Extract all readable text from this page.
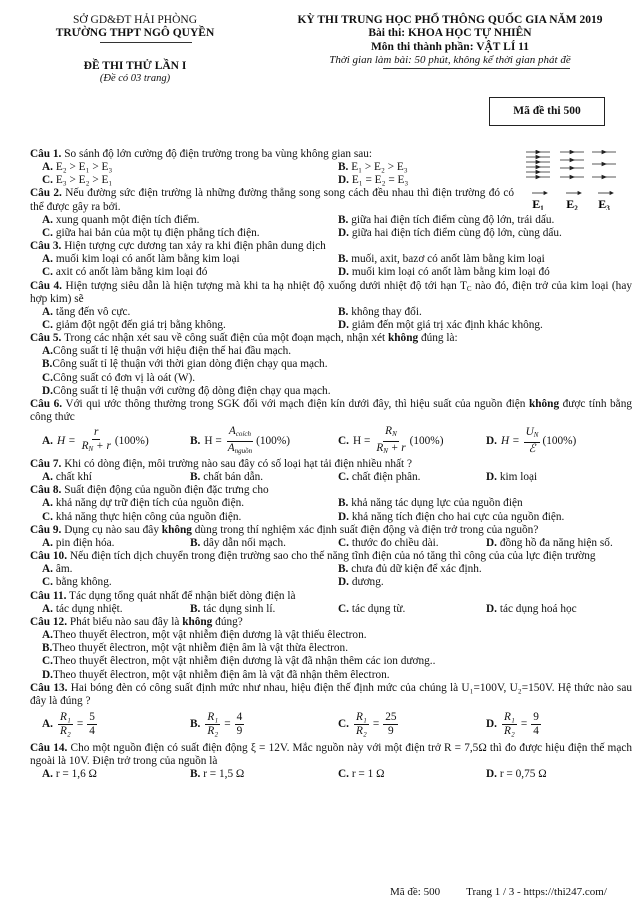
SỞ GD&ĐT HẢI PHÒNG
TRƯỜNG THPT NGÔ QUYỀN
ĐỀ THI THỬ LẦN I
(Đề có 03 trang)
KỲ THI TRUNG HỌC PHỔ THÔNG QUỐC GIA NĂM 2019
Bài thi: KHOA HỌC TỰ NHIÊN
Môn thi thành phần: VẬT LÍ 11
Thời gian làm bài: 50 phút, không kể thời gian phát đề
Mã đề thi 500
E₁ E₂ E₃
Câu 1. So sánh độ lớn cường độ điện trường trong ba vùng không gian sau:
A. E₂ > E₁ > E₃	B. E₁ > E₂ > E₃
C. E₃ > E₂ > E₁	D. E₁ = E₂ = E₃
Câu 2. Nếu đường sức điện trường là những đường thẳng song song cách đều nhau thì điện trường đó có thể được gây ra bởi.
A. xung quanh một điện tích điểm.	B. giữa hai điện tích điểm cùng độ lớn, trái dấu.
C. giữa hai bản của một tụ điện phẳng tích điện.	D. giữa hai điện tích điểm cùng độ lớn, cùng dấu.
Câu 3. Hiện tượng cực dương tan xảy ra khi điện phân dung dịch
A. muối kim loại có anốt làm bằng kim loại	B. muối, axit, bazơ có anốt làm bằng kim loại
C. axit có anốt làm bằng kim loại đó	D. muối kim loại có anốt làm bằng kim loại đó
Câu 4. Hiện tượng siêu dẫn là hiện tượng mà khi ta hạ nhiệt độ xuống dưới nhiệt độ tới hạn $T_C$ nào đó, điện trở của kim loại (hay hợp kim) sẽ
A. tăng đến vô cực.	B. không thay đổi.
C. giảm đột ngột đến giá trị bằng không.	D. giảm đến một giá trị xác định khác không.
Câu 5. Trong các nhận xét sau về công suất điện của một đoạn mạch, nhận xét không đúng là:
A. Công suất tỉ lệ thuận với hiệu điện thế hai đầu mạch.
B. Công suất tỉ lệ thuận với thời gian dòng điện chạy qua mạch.
C. Công suất có đơn vị là oát (W).
D. Công suất tỉ lệ thuận với cường độ dòng điện chạy qua mạch.
Câu 6. Với qui ước thông thường trong SGK đối với mạch điện kín dưới đây, thì hiệu suất của nguồn điện không được tính bằng công thức
A. $H = \frac{r}{R_N + r} (100\%)$	B. $H = \frac{A_{coích}}{A_{nguồn}} (100\%)$	C. $H = \frac{R_N}{R_N + r} (100\%)$	D. $H = \frac{U_N}{\text{ℰ}} (100\%)$
Câu 7. Khi có dòng điện, môi trường nào sau đây có số loại hạt tải điện nhiều nhất ?
A. chất khí	B. chất bán dẫn.	C. chất điện phân.	D. kim loại
Câu 8. Suất điện động của nguồn điện đặc trưng cho
A. khả năng dự trữ điện tích của nguồn điện.	B. khả năng tác dụng lực của nguồn điện
C. khả năng thực hiện công của nguồn điện.	D. khả năng tích điện cho hai cực của nguồn điện.
Câu 9. Dụng cụ nào sau đây không dùng trong thí nghiệm xác định suất điện động và điện trở trong của nguồn?
A. pin điện hóa.	B. dây dẫn nối mạch.	C. thước đo chiều dài.	D. đồng hồ đa năng hiện số.
Câu 10. Nếu điện tích dịch chuyển trong điện trường sao cho thế năng tĩnh điện của nó tăng thì công của của lực điện trường
A. âm.	B. chưa đủ dữ kiện để xác định.
C. bằng không.	D. dương.
Câu 11. Tác dụng tổng quát nhất để nhận biết dòng điện là
A. tác dụng nhiệt.	B. tác dụng sinh lí.	C. tác dụng từ.	D. tác dụng hoá học
Câu 12. Phát biểu nào sau đây là không đúng?
A. Theo thuyết êlectron, một vật nhiễm điện dương là vật thiếu êlectron.
B. Theo thuyết êlectron, một vật nhiễm điện âm là vật thừa êlectron.
C. Theo thuyết êlectron, một vật nhiễm điện dương là vật đã nhận thêm các ion dương..
D. Theo thuyết êlectron, một vật nhiễm điện âm là vật đã nhận thêm êlectron.
Câu 13. Hai bóng đèn có công suất định mức như nhau, hiệu điện thế định mức của chúng là U₁=100V, U₂=150V. Hệ thức nào sau đây là đúng ?
A. $\frac{\text{R₁}}{\text{R₂}} = \frac{5}{4}$	B. $\frac{\text{R₁}}{\text{R₂}} = \frac{4}{9}$	C. $\frac{\text{R₁}}{\text{R₂}} = \frac{25}{9}$	D. $\frac{\text{R₁}}{\text{R₂}} = \frac{9}{4}$
Câu 14. Cho một nguồn điện có suất điện động ξ = 12V. Mắc nguồn này với một điện trở R = 7,5Ω thì đo được hiệu điện thế mạch ngoài là 10V. Điện trở trong của nguồn là
A. r = 1,6 Ω	B. r = 1,5 Ω	C. r = 1 Ω	D. r = 0,75 Ω
Mã đề: 500 Trang 1 / 3 - https://thi247.com/
